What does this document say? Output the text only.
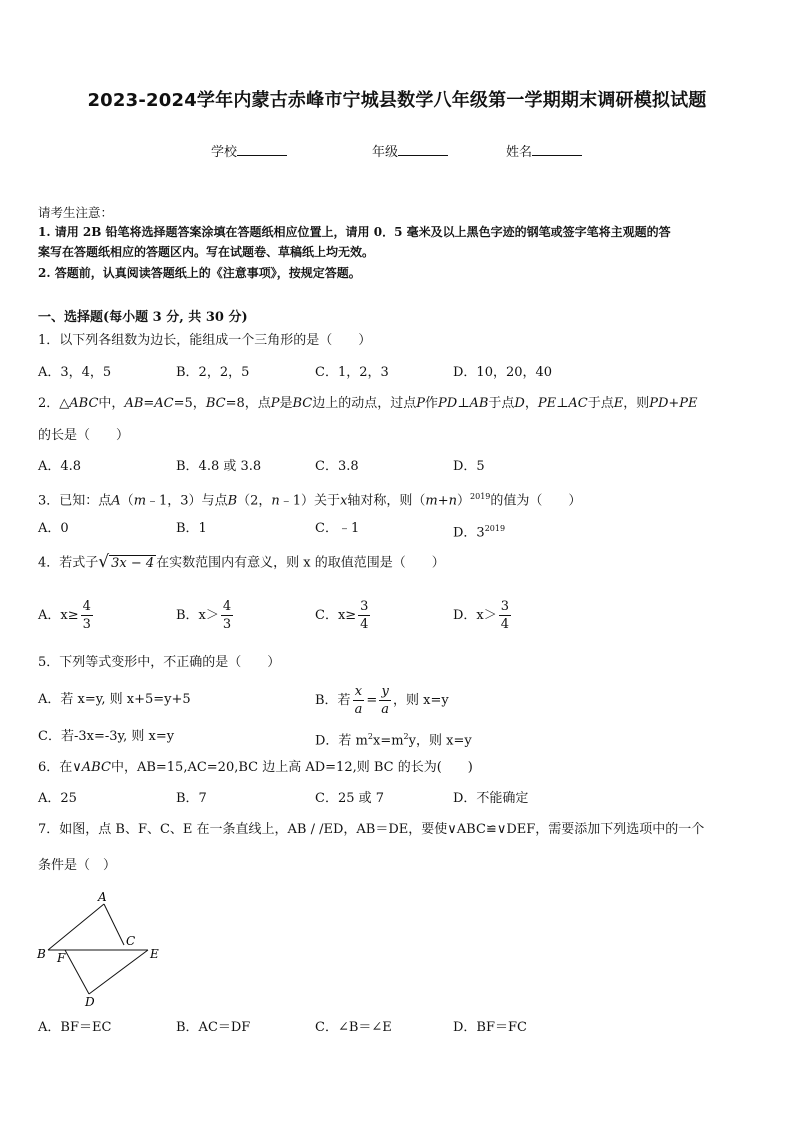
2023-2024学年内蒙古赤峰市宁城县数学八年级第一学期期末调研模拟试题
学校	年级	姓名
请考生注意：
1. 请用 2B 铅笔将选择题答案涂填在答题纸相应位置上，请用 0．5 毫米及以上黑色字迹的钢笔或签字笔将主观题的答
案写在答题纸相应的答题区内。写在试题卷、草稿纸上均无效。
2. 答题前，认真阅读答题纸上的《注意事项》，按规定答题。
一、选择题(每小题 3 分, 共 30 分)
1．以下列各组数为边长，能组成一个三角形的是（　　）
A．3，4，5	B．2，2，5	C．1，2，3	D．10，20，40
2．△ABC中，AB=AC=5，BC=8，点P是BC边上的动点，过点P作PD⊥AB于点D，PE⊥AC于点E，则PD+PE
的长是（　　）
A．4.8	B．4.8 或 3.8	C．3.8	D．5
3．已知：点A（m﹣1，3）与点B（2，n﹣1）关于x轴对称，则$(m+n)^{2019}$的值为（　　）
A．0	B．1	C．﹣1	D．$3^{2019}$
4．若式子√ 3x − 4 在实数范围内有意义，则 x 的取值范围是（　　）
A．$x\ge \frac{4}{3}$	B．$x> \frac{4}{3}$	C．$x\ge \frac{3}{4}$	D．$x> \frac{3}{4}$
5．下列等式变形中，不正确的是（　　）
A．若 x=y, 则 x+5=y+5	B．若 $\frac{x}{a} = \frac{y}{a}$ ，则 x=y
C．若-3x=-3y, 则 x=y	D．若 $m^2x=m^2y$，则 x=y
6．在∨ABC中，AB=15,AC=20,BC 边上高 AD=12,则 BC 的长为(　　)
A．25	B．7	C．25 或 7	D．不能确定
7．如图，点 B、F、C、E 在一条直线上，AB / /ED，AB＝DE，要使∨ABC≌∨DEF，需要添加下列选项中的一个
条件是（　）
A
B
C
E
F
D
A．BF＝EC	B．AC＝DF	C．∠B＝∠E	D．BF＝FC
